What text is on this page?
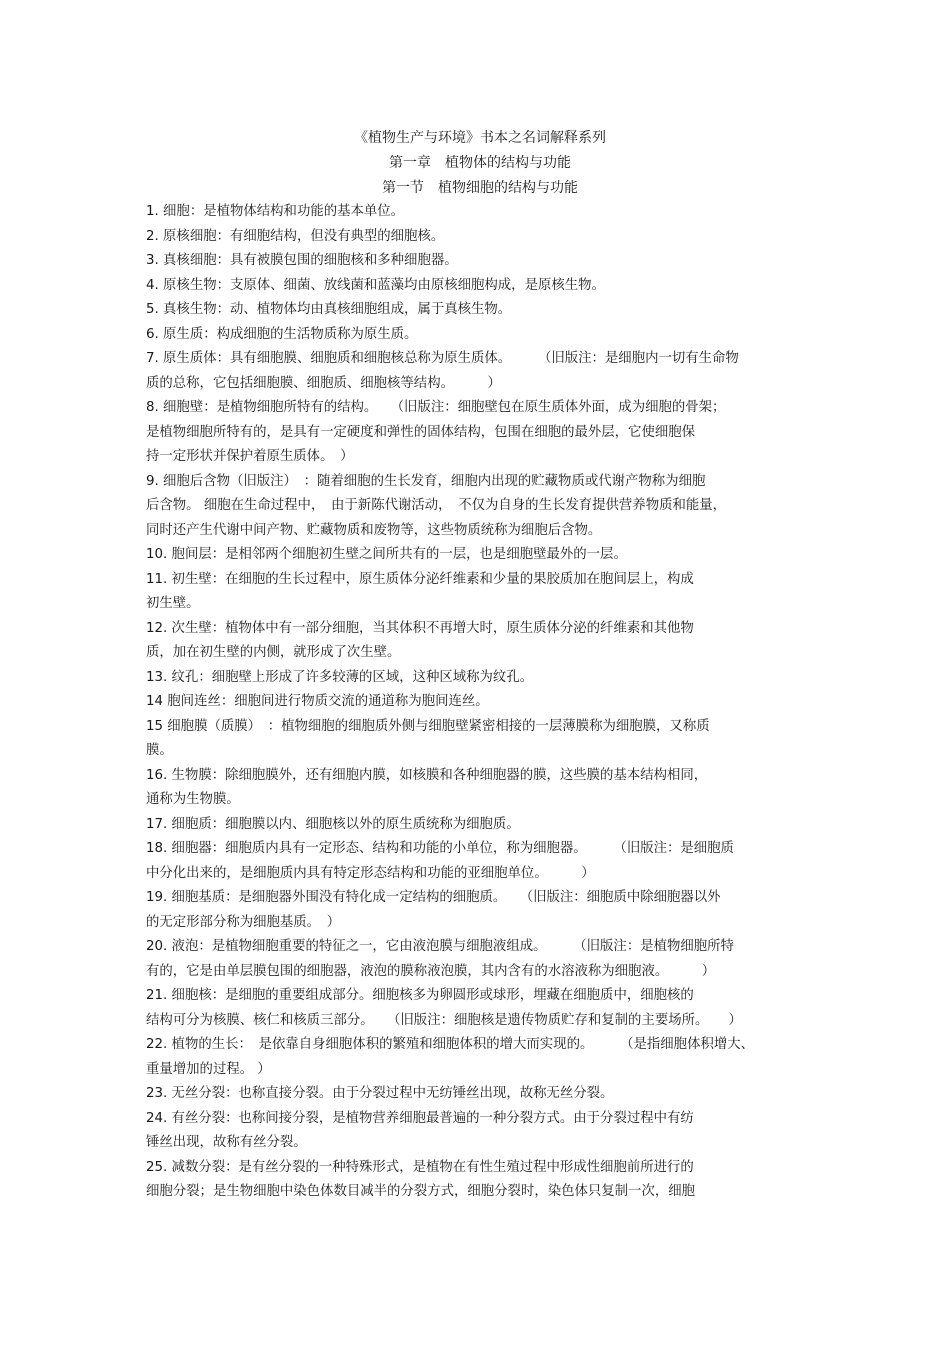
《植物生产与环境》书本之名词解释系列
第一章　植物体的结构与功能
第一节　植物细胞的结构与功能
1. 细胞：是植物体结构和功能的基本单位。
2. 原核细胞：有细胞结构，但没有典型的细胞核。
3. 真核细胞：具有被膜包围的细胞核和多种细胞器。
4. 原核生物：支原体、细菌、放线菌和蓝藻均由原核细胞构成，是原核生物。
5. 真核生物：动、植物体均由真核细胞组成，属于真核生物。
6. 原生质：构成细胞的生活物质称为原生质。
7. 原生质体：具有细胞膜、细胞质和细胞核总称为原生质体。　　　（旧版注：是细胞内一切有生命物
质的总称，它包括细胞膜、细胞质、细胞核等结构。　　　）
8. 细胞壁：是植物细胞所特有的结构。　　（旧版注：细胞壁包在原生质体外面，成为细胞的骨架；
是植物细胞所特有的，是具有一定硬度和弹性的固体结构，包围在细胞的最外层，它使细胞保
持一定形状并保护着原生质体。　）
9. 细胞后含物（旧版注）　：随着细胞的生长发育，细胞内出现的贮藏物质或代谢产物称为细胞
后含物。 细胞在生命过程中，　由于新陈代谢活动，　不仅为自身的生长发育提供营养物质和能量，
同时还产生代谢中间产物、贮藏物质和废物等，这些物质统称为细胞后含物。
10. 胞间层：是相邻两个细胞初生壁之间所共有的一层，也是细胞壁最外的一层。
11. 初生壁：在细胞的生长过程中，原生质体分泌纤维素和少量的果胶质加在胞间层上，构成
初生壁。
12. 次生壁：植物体中有一部分细胞，当其体积不再增大时，原生质体分泌的纤维素和其他物
质，加在初生壁的内侧，就形成了次生壁。
13. 纹孔：细胞壁上形成了许多较薄的区域，这种区域称为纹孔。
14 胞间连丝：细胞间进行物质交流的通道称为胞间连丝。
15 细胞膜（质膜）　：植物细胞的细胞质外侧与细胞壁紧密相接的一层薄膜称为细胞膜，又称质
膜。
16. 生物膜：除细胞膜外，还有细胞内膜，如核膜和各种细胞器的膜，这些膜的基本结构相同，
通称为生物膜。
17. 细胞质：细胞膜以内、细胞核以外的原生质统称为细胞质。
18. 细胞器：细胞质内具有一定形态、结构和功能的小单位，称为细胞器。　　　（旧版注：是细胞质
中分化出来的，是细胞质内具有特定形态结构和功能的亚细胞单位。　　　）
19. 细胞基质：是细胞器外围没有特化成一定结构的细胞质。　　（旧版注：细胞质中除细胞器以外
的无定形部分称为细胞基质。　）
20. 液泡：是植物细胞重要的特征之一，它由液泡膜与细胞液组成。　　　（旧版注：是植物细胞所特
有的，它是由单层膜包围的细胞器，液泡的膜称液泡膜，其内含有的水溶液称为细胞液。　　　）
21. 细胞核：是细胞的重要组成部分。细胞核多为卵圆形或球形，埋藏在细胞质中，细胞核的
结构可分为核膜、核仁和核质三部分。　　（旧版注：细胞核是遗传物质贮存和复制的主要场所。　　）
22. 植物的生长：　是依靠自身细胞体积的繁殖和细胞体积的增大而实现的。　　　（是指细胞体积增大、
重量增加的过程。 ）
23. 无丝分裂：也称直接分裂。由于分裂过程中无纺锤丝出现，故称无丝分裂。
24. 有丝分裂：也称间接分裂，是植物营养细胞最普遍的一种分裂方式。由于分裂过程中有纺
锤丝出现，故称有丝分裂。
25. 减数分裂：是有丝分裂的一种特殊形式，是植物在有性生殖过程中形成性细胞前所进行的
细胞分裂；是生物细胞中染色体数目减半的分裂方式，细胞分裂时，染色体只复制一次，细胞
